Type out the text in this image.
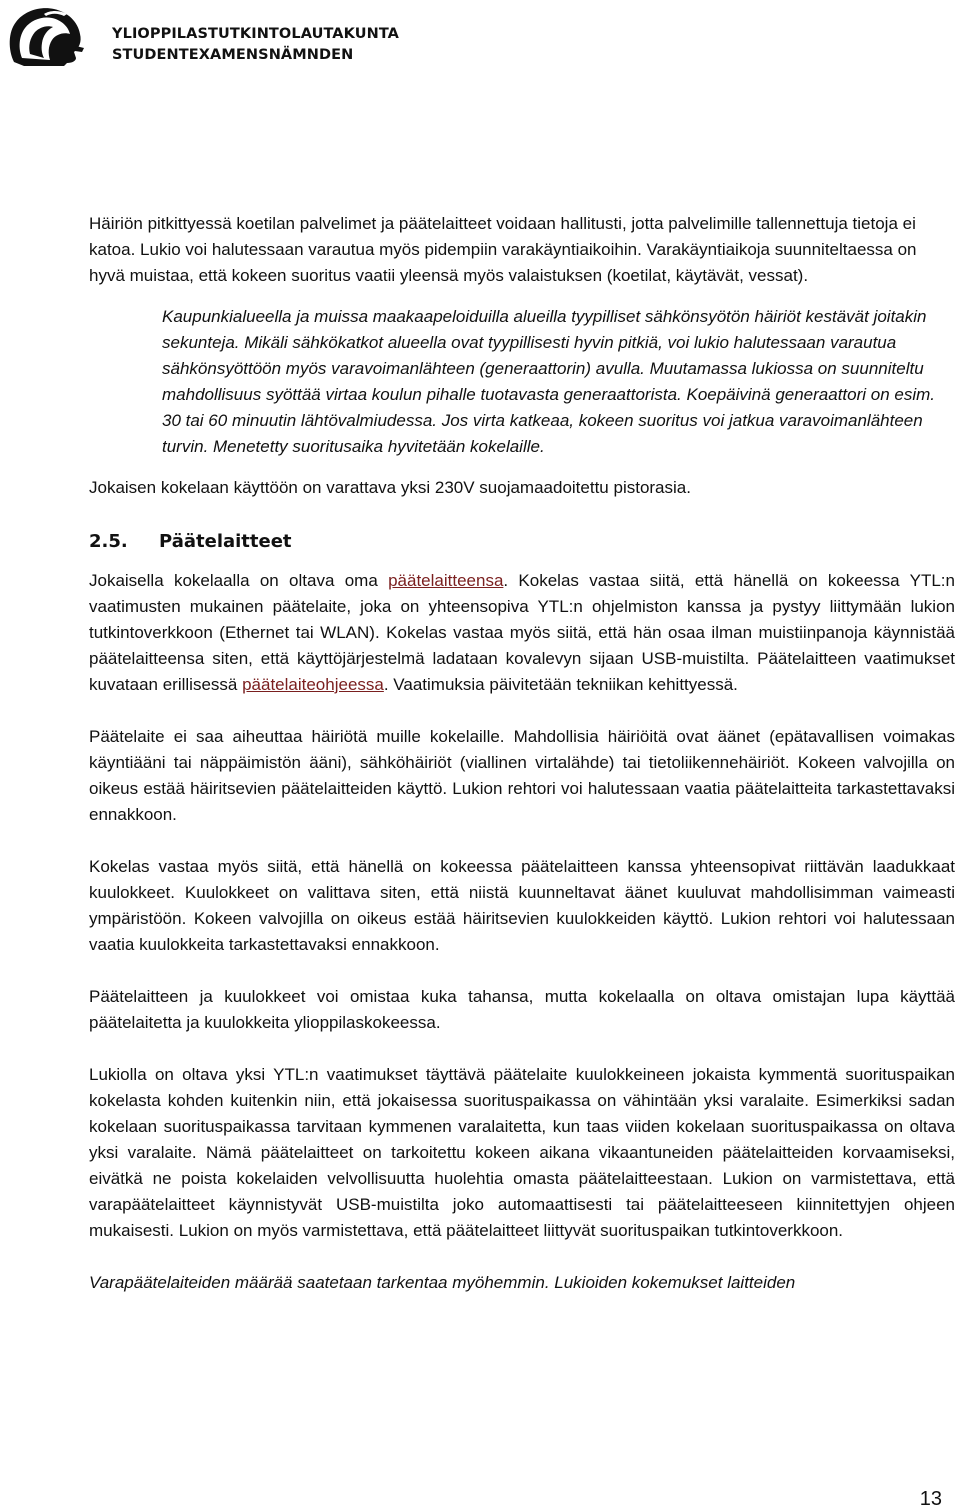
YLIOPPILASTUTKINTOLAUTAKUNTA
STUDENTEXAMENSNÄMNDEN

Häiriön pitkittyessä koetilan palvelimet ja päätelaitteet voidaan hallitusti, jotta palvelimille tallennettuja tietoja ei katoa. Lukio voi halutessaan varautua myös pidempiin varakäyntiaikoihin. Varakäyntiaikoja suunniteltaessa on hyvä muistaa, että kokeen suoritus vaatii yleensä myös valaistuksen (koetilat, käytävät, vessat).

Kaupunkialueella ja muissa maakaapeloiduilla alueilla tyypilliset sähkönsyötön häiriöt kestävät joitakin sekunteja. Mikäli sähkökatkot alueella ovat tyypillisesti hyvin pitkiä, voi lukio halutessaan varautua sähkönsyöttöön myös varavoimanlähteen (generaattorin) avulla. Muutamassa lukiossa on suunniteltu mahdollisuus syöttää virtaa koulun pihalle tuotavasta generaattorista. Koepäivinä generaattori on esim. 30 tai 60 minuutin lähtövalmiudessa. Jos virta katkeaa, kokeen suoritus voi jatkua varavoimanlähteen turvin. Menetetty suoritusaika hyvitetään kokelaille.

Jokaisen kokelaan käyttöön on varattava yksi 230V suojamaadoitettu pistorasia.

2.5. Päätelaitteet

Jokaisella kokelaalla on oltava oma päätelaitteensa. Kokelas vastaa siitä, että hänellä on kokeessa YTL:n vaatimusten mukainen päätelaite, joka on yhteensopiva YTL:n ohjelmiston kanssa ja pystyy liittymään lukion tutkintoverkkoon (Ethernet tai WLAN). Kokelas vastaa myös siitä, että hän osaa ilman muistiinpanoja käynnistää päätelaitteensa siten, että käyttöjärjestelmä ladataan kovalevyn sijaan USB-muistilta. Päätelaitteen vaatimukset kuvataan erillisessä päätelaiteohjeessa. Vaatimuksia päivitetään tekniikan kehittyessä.

Päätelaite ei saa aiheuttaa häiriötä muille kokelaille. Mahdollisia häiriöitä ovat äänet (epätavallisen voimakas käyntiääni tai näppäimistön ääni), sähköhäiriöt (viallinen virtalähde) tai tietoliikennehäiriöt. Kokeen valvojilla on oikeus estää häiritsevien päätelaitteiden käyttö. Lukion rehtori voi halutessaan vaatia päätelaitteita tarkastettavaksi ennakkoon.

Kokelas vastaa myös siitä, että hänellä on kokeessa päätelaitteen kanssa yhteensopivat riittävän laadukkaat kuulokkeet. Kuulokkeet on valittava siten, että niistä kuunneltavat äänet kuuluvat mahdollisimman vaimeasti ympäristöön. Kokeen valvojilla on oikeus estää häiritsevien kuulokkeiden käyttö. Lukion rehtori voi halutessaan vaatia kuulokkeita tarkastettavaksi ennakkoon.

Päätelaitteen ja kuulokkeet voi omistaa kuka tahansa, mutta kokelaalla on oltava omistajan lupa käyttää päätelaitetta ja kuulokkeita ylioppilaskokeessa.

Lukiolla on oltava yksi YTL:n vaatimukset täyttävä päätelaite kuulokkeineen jokaista kymmentä suorituspaikan kokelasta kohden kuitenkin niin, että jokaisessa suorituspaikassa on vähintään yksi varalaite. Esimerkiksi sadan kokelaan suorituspaikassa tarvitaan kymmenen varalaitetta, kun taas viiden kokelaan suorituspaikassa on oltava yksi varalaite. Nämä päätelaitteet on tarkoitettu kokeen aikana vikaantuneiden päätelaitteiden korvaamiseksi, eivätkä ne poista kokelaiden velvollisuutta huolehtia omasta päätelaitteestaan. Lukion on varmistettava, että varapäätelaitteet käynnistyvät USB-muistilta joko automaattisesti tai päätelaitteeseen kiinnitettyjen ohjeen mukaisesti. Lukion on myös varmistettava, että päätelaitteet liittyvät suorituspaikan tutkintoverkkoon.

Varapäätelaiteiden määrää saatetaan tarkentaa myöhemmin. Lukioiden kokemukset laitteiden

13
